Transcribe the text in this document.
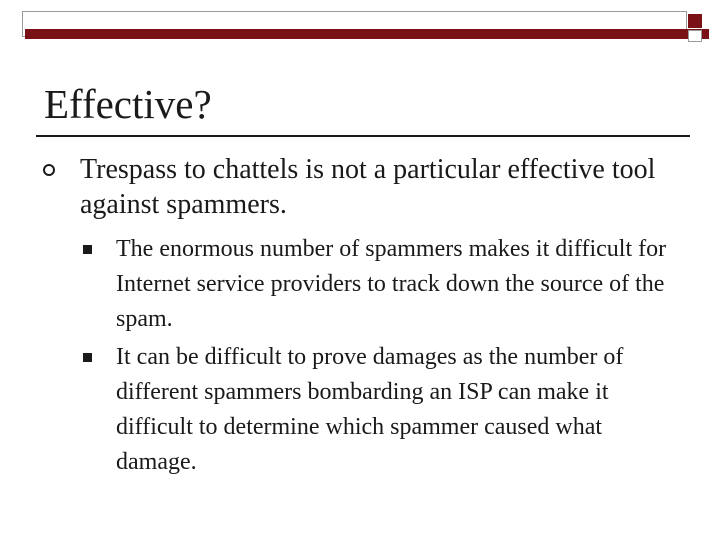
Effective?
Trespass to chattels is not a particular effective tool against spammers.
The enormous number of spammers makes it difficult for Internet service providers to track down the source of the spam.
It can be difficult to prove damages as the number of different spammers bombarding an ISP can make it difficult to determine which spammer caused what damage.
